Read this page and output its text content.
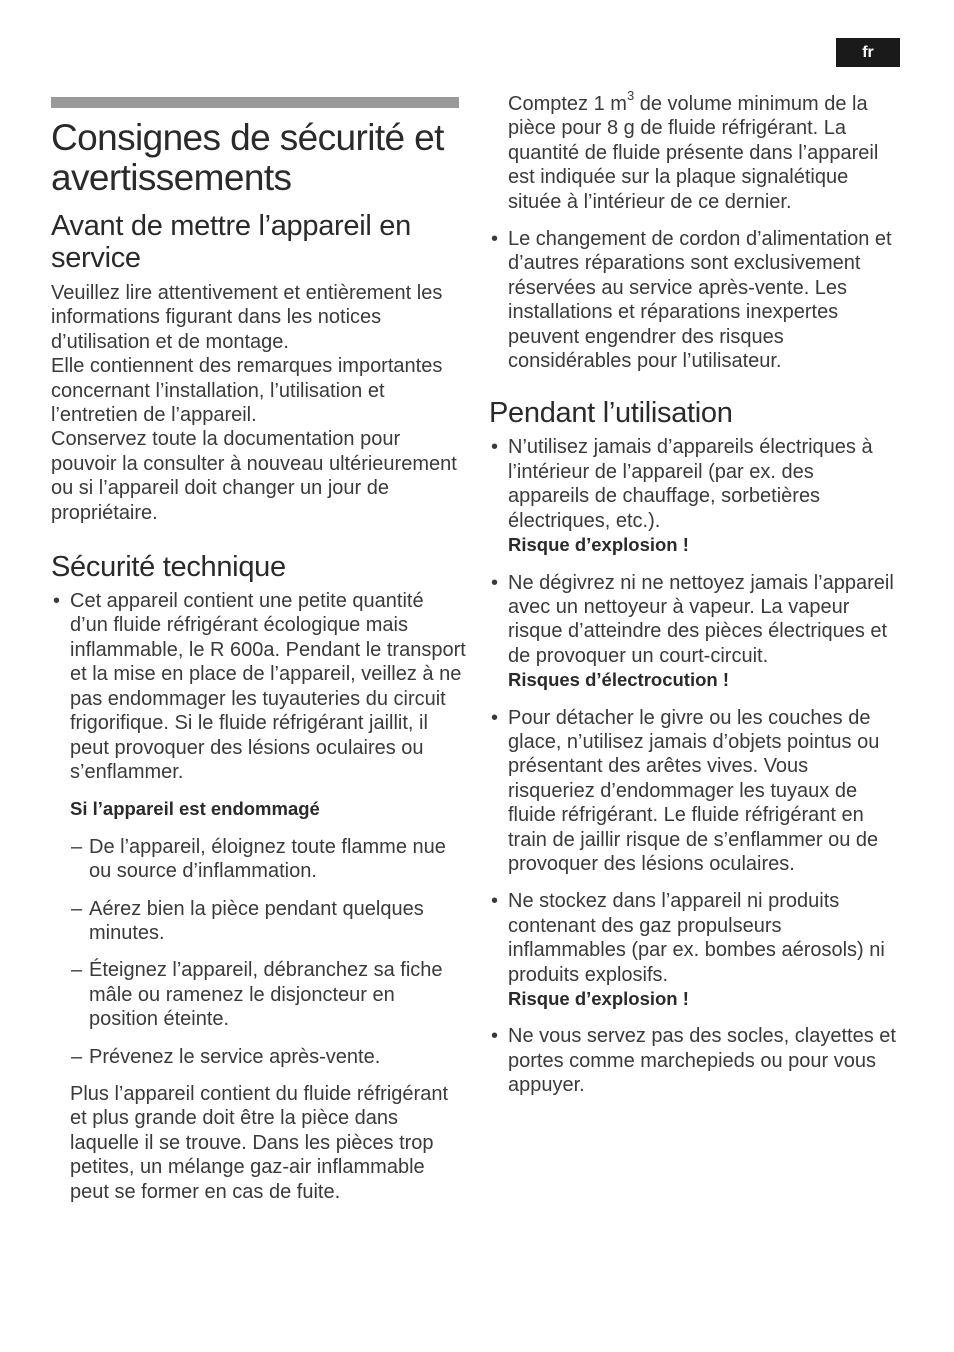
fr
Consignes de sécurité et avertissements
Avant de mettre l’appareil en service

Veuillez lire attentivement et entièrement les informations figurant dans les notices d’utilisation et de montage.

Elle contiennent des remarques importantes concernant l’installation, l’utilisation et l’entretien de l’appareil.

Conservez toute la documentation pour pouvoir la consulter à nouveau ultérieurement ou si l’appareil doit changer un jour de propriétaire.

Sécurité technique

• Cet appareil contient une petite quantité d’un fluide réfrigérant écologique mais inflammable, le R 600a. Pendant le transport et la mise en place de l’appareil, veillez à ne pas endommager les tuyauteries du circuit frigorifique. Si le fluide réfrigérant jaillit, il peut provoquer des lésions oculaires ou s’enflammer.

Si l’appareil est endommagé

– De l’appareil, éloignez toute flamme nue ou source d’inflammation.

– Aérez bien la pièce pendant quelques minutes.

– Éteignez l’appareil, débranchez sa fiche mâle ou ramenez le disjoncteur en position éteinte.

– Prévenez le service après-vente.

Plus l’appareil contient du fluide réfrigérant et plus grande doit être la pièce dans laquelle il se trouve. Dans les pièces trop petites, un mélange gaz-air inflammable peut se former en cas de fuite.

Comptez 1 $m^3$ de volume minimum de la pièce pour 8 g de fluide réfrigérant. La quantité de fluide présente dans l’appareil est indiquée sur la plaque signalétique située à l’intérieur de ce dernier.

• Le changement de cordon d’alimentation et d’autres réparations sont exclusivement réservées au service après-vente. Les installations et réparations inexpertes peuvent engendrer des risques considérables pour l’utilisateur.

Pendant l’utilisation

• N’utilisez jamais d’appareils électriques à l’intérieur de l’appareil (par ex. des appareils de chauffage, sorbetières électriques, etc.).

Risque d’explosion !

• Ne dégivrez ni ne nettoyez jamais l’appareil avec un nettoyeur à vapeur. La vapeur risque d’atteindre des pièces électriques et de provoquer un court-circuit.

Risques d’électrocution !

• Pour détacher le givre ou les couches de glace, n’utilisez jamais d’objets pointus ou présentant des arêtes vives. Vous risqueriez d’endommager les tuyaux de fluide réfrigérant. Le fluide réfrigérant en train de jaillir risque de s’enflammer ou de provoquer des lésions oculaires.

• Ne stockez dans l’appareil ni produits contenant des gaz propulseurs inflammables (par ex. bombes aérosols) ni produits explosifs.

Risque d’explosion !

• Ne vous servez pas des socles, clayettes et portes comme marchepieds ou pour vous appuyer.
